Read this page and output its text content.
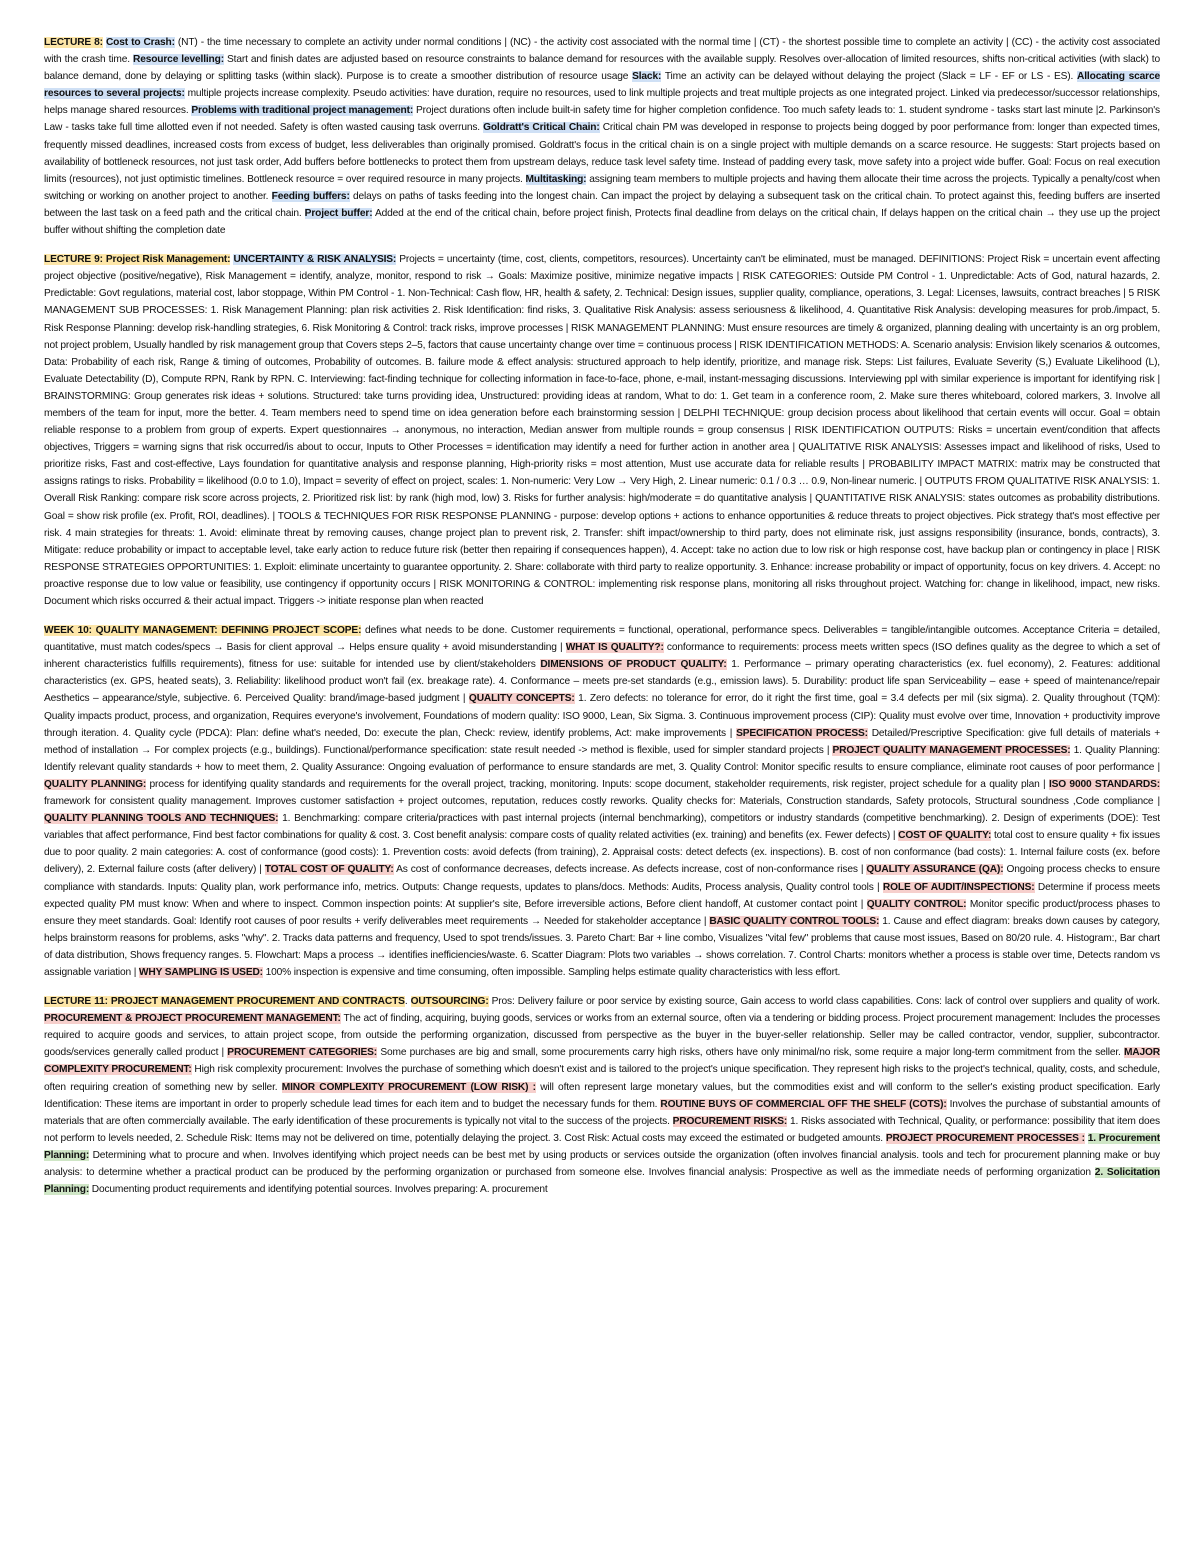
LECTURE 8: Cost to Crash: (NT) - the time necessary to complete an activity under normal conditions | (NC) - the activity cost associated with the normal time | (CT) - the shortest possible time to complete an activity | (CC) - the activity cost associated with the crash time. Resource levelling: Start and finish dates are adjusted based on resource constraints to balance demand for resources with the available supply. Resolves over-allocation of limited resources, shifts non-critical activities (with slack) to balance demand, done by delaying or splitting tasks (within slack). Purpose is to create a smoother distribution of resource usage Slack: Time an activity can be delayed without delaying the project (Slack = LF - EF or LS - ES). Allocating scarce resources to several projects: multiple projects increase complexity. Pseudo activities: have duration, require no resources, used to link multiple projects and treat multiple projects as one integrated project. Linked via predecessor/successor relationships, helps manage shared resources. Problems with traditional project management: Project durations often include built-in safety time for higher completion confidence. Too much safety leads to: 1. student syndrome - tasks start last minute |2. Parkinson's Law - tasks take full time allotted even if not needed. Safety is often wasted causing task overruns. Goldratt's Critical Chain: Critical chain PM was developed in response to projects being dogged by poor performance from: longer than expected times, frequently missed deadlines, increased costs from excess of budget, less deliverables than originally promised. Goldratt's focus in the critical chain is on a single project with multiple demands on a scarce resource. He suggests: Start projects based on availability of bottleneck resources, not just task order, Add buffers before bottlenecks to protect them from upstream delays, reduce task level safety time. Instead of padding every task, move safety into a project wide buffer. Goal: Focus on real execution limits (resources), not just optimistic timelines. Bottleneck resource = over required resource in many projects. Multitasking: assigning team members to multiple projects and having them allocate their time across the projects. Typically a penalty/cost when switching or working on another project to another. Feeding buffers: delays on paths of tasks feeding into the longest chain. Can impact the project by delaying a subsequent task on the critical chain. To protect against this, feeding buffers are inserted between the last task on a feed path and the critical chain. Project buffer: Added at the end of the critical chain, before project finish, Protects final deadline from delays on the critical chain, If delays happen on the critical chain → they use up the project buffer without shifting the completion date

LECTURE 9: Project Risk Management: UNCERTAINTY & RISK ANALYSIS: Projects = uncertainty (time, cost, clients, competitors, resources). Uncertainty can't be eliminated, must be managed. DEFINITIONS: Project Risk = uncertain event affecting project objective (positive/negative), Risk Management = identify, analyze, monitor, respond to risk → Goals: Maximize positive, minimize negative impacts | RISK CATEGORIES: Outside PM Control - 1. Unpredictable: Acts of God, natural hazards, 2. Predictable: Govt regulations, material cost, labor stoppage, Within PM Control - 1. Non-Technical: Cash flow, HR, health & safety, 2. Technical: Design issues, supplier quality, compliance, operations, 3. Legal: Licenses, lawsuits, contract breaches | 5 RISK MANAGEMENT SUB PROCESSES: 1. Risk Management Planning: plan risk activities 2. Risk Identification: find risks, 3. Qualitative Risk Analysis: assess seriousness & likelihood, 4. Quantitative Risk Analysis: developing measures for prob./impact, 5. Risk Response Planning: develop risk-handling strategies, 6. Risk Monitoring & Control: track risks, improve processes | RISK MANAGEMENT PLANNING: Must ensure resources are timely & organized, planning dealing with uncertainty is an org problem, not project problem, Usually handled by risk management group that Covers steps 2–5, factors that cause uncertainty change over time = continuous process | RISK IDENTIFICATION METHODS: A. Scenario analysis: Envision likely scenarios & outcomes, Data: Probability of each risk, Range & timing of outcomes, Probability of outcomes. B. failure mode & effect analysis: structured approach to help identify, prioritize, and manage risk. Steps: List failures, Evaluate Severity (S,) Evaluate Likelihood (L), Evaluate Detectability (D), Compute RPN, Rank by RPN. C. Interviewing: fact-finding technique for collecting information in face-to-face, phone, e-mail, instant-messaging discussions. Interviewing ppl with similar experience is important for identifying risk | BRAINSTORMING: Group generates risk ideas + solutions. Structured: take turns providing idea, Unstructured: providing ideas at random, What to do: 1. Get team in a conference room, 2. Make sure theres whiteboard, colored markers, 3. Involve all members of the team for input, more the better. 4. Team members need to spend time on idea generation before each brainstorming session | DELPHI TECHNIQUE: group decision process about likelihood that certain events will occur. Goal = obtain reliable response to a problem from group of experts. Expert questionnaires → anonymous, no interaction, Median answer from multiple rounds = group consensus | RISK IDENTIFICATION OUTPUTS: Risks = uncertain event/condition that affects objectives, Triggers = warning signs that risk occurred/is about to occur, Inputs to Other Processes = identification may identify a need for further action in another area | QUALITATIVE RISK ANALYSIS: Assesses impact and likelihood of risks, Used to prioritize risks, Fast and cost-effective, Lays foundation for quantitative analysis and response planning, High-priority risks = most attention, Must use accurate data for reliable results | PROBABILITY IMPACT MATRIX: matrix may be constructed that assigns ratings to risks. Probability = likelihood (0.0 to 1.0), Impact = severity of effect on project, scales: 1. Non-numeric: Very Low → Very High, 2. Linear numeric: 0.1 / 0.3 … 0.9, Non-linear numeric. | OUTPUTS FROM QUALITATIVE RISK ANALYSIS: 1. Overall Risk Ranking: compare risk score across projects, 2. Prioritized risk list: by rank (high mod, low) 3. Risks for further analysis: high/moderate = do quantitative analysis | QUANTITATIVE RISK ANALYSIS: states outcomes as probability distributions. Goal = show risk profile (ex. Profit, ROI, deadlines). | TOOLS & TECHNIQUES FOR RISK RESPONSE PLANNING - purpose: develop options + actions to enhance opportunities & reduce threats to project objectives. Pick strategy that's most effective per risk. 4 main strategies for threats: 1. Avoid: eliminate threat by removing causes, change project plan to prevent risk, 2. Transfer: shift impact/ownership to third party, does not eliminate risk, just assigns responsibility (insurance, bonds, contracts), 3. Mitigate: reduce probability or impact to acceptable level, take early action to reduce future risk (better then repairing if consequences happen), 4. Accept: take no action due to low risk or high response cost, have backup plan or contingency in place | RISK RESPONSE STRATEGIES OPPORTUNITIES: 1. Exploit: eliminate uncertainty to guarantee opportunity. 2. Share: collaborate with third party to realize opportunity. 3. Enhance: increase probability or impact of opportunity, focus on key drivers. 4. Accept: no proactive response due to low value or feasibility, use contingency if opportunity occurs | RISK MONITORING & CONTROL: implementing risk response plans, monitoring all risks throughout project. Watching for: change in likelihood, impact, new risks. Document which risks occurred & their actual impact. Triggers -> initiate response plan when reacted

WEEK 10: QUALITY MANAGEMENT: DEFINING PROJECT SCOPE: defines what needs to be done. Customer requirements = functional, operational, performance specs. Deliverables = tangible/intangible outcomes. Acceptance Criteria = detailed, quantitative, must match codes/specs → Basis for client approval → Helps ensure quality + avoid misunderstanding | WHAT IS QUALITY?: conformance to requirements: process meets written specs (ISO defines quality as the degree to which a set of inherent characteristics fulfills requirements), fitness for use: suitable for intended use by client/stakeholders DIMENSIONS OF PRODUCT QUALITY: 1. Performance – primary operating characteristics (ex. fuel economy), 2. Features: additional characteristics (ex. GPS, heated seats), 3. Reliability: likelihood product won't fail (ex. breakage rate). 4. Conformance – meets pre-set standards (e.g., emission laws). 5. Durability: product life span Serviceability – ease + speed of maintenance/repair Aesthetics – appearance/style, subjective. 6. Perceived Quality: brand/image-based judgment | QUALITY CONCEPTS: 1. Zero defects: no tolerance for error, do it right the first time, goal = 3.4 defects per mil (six sigma). 2. Quality throughout (TQM): Quality impacts product, process, and organization, Requires everyone's involvement, Foundations of modern quality: ISO 9000, Lean, Six Sigma. 3. Continuous improvement process (CIP): Quality must evolve over time, Innovation + productivity improve through iteration. 4. Quality cycle (PDCA): Plan: define what's needed, Do: execute the plan, Check: review, identify problems, Act: make improvements | SPECIFICATION PROCESS: Detailed/Prescriptive Specification: give full details of materials + method of installation → For complex projects (e.g., buildings). Functional/performance specification: state result needed -> method is flexible, used for simpler standard projects | PROJECT QUALITY MANAGEMENT PROCESSES: 1. Quality Planning: Identify relevant quality standards + how to meet them, 2. Quality Assurance: Ongoing evaluation of performance to ensure standards are met, 3. Quality Control: Monitor specific results to ensure compliance, eliminate root causes of poor performance | QUALITY PLANNING: process for identifying quality standards and requirements for the overall project, tracking, monitoring. Inputs: scope document, stakeholder requirements, risk register, project schedule for a quality plan | ISO 9000 STANDARDS: framework for consistent quality management. Improves customer satisfaction + project outcomes, reputation, reduces costly reworks. Quality checks for: Materials, Construction standards, Safety protocols, Structural soundness ,Code compliance | QUALITY PLANNING TOOLS AND TECHNIQUES: 1. Benchmarking: compare criteria/practices with past internal projects (internal benchmarking), competitors or industry standards (competitive benchmarking). 2. Design of experiments (DOE): Test variables that affect performance, Find best factor combinations for quality & cost. 3. Cost benefit analysis: compare costs of quality related activities (ex. training) and benefits (ex. Fewer defects) | COST OF QUALITY: total cost to ensure quality + fix issues due to poor quality. 2 main categories: A. cost of conformance (good costs): 1. Prevention costs: avoid defects (from training), 2. Appraisal costs: detect defects (ex. inspections). B. cost of non conformance (bad costs): 1. Internal failure costs (ex. before delivery), 2. External failure costs (after delivery) | TOTAL COST OF QUALITY: As cost of conformance decreases, defects increase. As defects increase, cost of non-conformance rises | QUALITY ASSURANCE (QA): Ongoing process checks to ensure compliance with standards. Inputs: Quality plan, work performance info, metrics. Outputs: Change requests, updates to plans/docs. Methods: Audits, Process analysis, Quality control tools | ROLE OF AUDIT/INSPECTIONS: Determine if process meets expected quality PM must know: When and where to inspect. Common inspection points: At supplier's site, Before irreversible actions, Before client handoff, At customer contact point | QUALITY CONTROL: Monitor specific product/process phases to ensure they meet standards. Goal: Identify root causes of poor results + verify deliverables meet requirements → Needed for stakeholder acceptance | BASIC QUALITY CONTROL TOOLS: 1. Cause and effect diagram: breaks down causes by category, helps brainstorm reasons for problems, asks "why". 2. Tracks data patterns and frequency, Used to spot trends/issues. 3. Pareto Chart: Bar + line combo, Visualizes "vital few" problems that cause most issues, Based on 80/20 rule. 4. Histogram:, Bar chart of data distribution, Shows frequency ranges. 5. Flowchart: Maps a process → identifies inefficiencies/waste. 6. Scatter Diagram: Plots two variables → shows correlation. 7. Control Charts: monitors whether a process is stable over time, Detects random vs assignable variation | WHY SAMPLING IS USED: 100% inspection is expensive and time consuming, often impossible. Sampling helps estimate quality characteristics with less effort.

LECTURE 11: PROJECT MANAGEMENT PROCUREMENT AND CONTRACTS. OUTSOURCING: Pros: Delivery failure or poor service by existing source, Gain access to world class capabilities. Cons: lack of control over suppliers and quality of work. PROCUREMENT & PROJECT PROCUREMENT MANAGEMENT: The act of finding, acquiring, buying goods, services or works from an external source, often via a tendering or bidding process. Project procurement management: Includes the processes required to acquire goods and services, to attain project scope, from outside the performing organization, discussed from perspective as the buyer in the buyer-seller relationship. Seller may be called contractor, vendor, supplier, subcontractor. goods/services generally called product | PROCUREMENT CATEGORIES: Some purchases are big and small, some procurements carry high risks, others have only minimal/no risk, some require a major long-term commitment from the seller. MAJOR COMPLEXITY PROCUREMENT: High risk complexity procurement: Involves the purchase of something which doesn't exist and is tailored to the project's unique specification. They represent high risks to the project's technical, quality, costs, and schedule, often requiring creation of something new by seller. MINOR COMPLEXITY PROCUREMENT (LOW RISK) : will often represent large monetary values, but the commodities exist and will conform to the seller's existing product specification. Early Identification: These items are important in order to properly schedule lead times for each item and to budget the necessary funds for them. ROUTINE BUYS OF COMMERCIAL OFF THE SHELF (COTS): Involves the purchase of substantial amounts of materials that are often commercially available. The early identification of these procurements is typically not vital to the success of the projects. PROCUREMENT RISKS: 1. Risks associated with Technical, Quality, or performance: possibility that item does not perform to levels needed, 2. Schedule Risk: Items may not be delivered on time, potentially delaying the project. 3. Cost Risk: Actual costs may exceed the estimated or budgeted amounts. PROJECT PROCUREMENT PROCESSES : 1. Procurement Planning: Determining what to procure and when. Involves identifying which project needs can be best met by using products or services outside the organization (often involves financial analysis. tools and tech for procurement planning make or buy analysis: to determine whether a practical product can be produced by the performing organization or purchased from someone else. Involves financial analysis: Prospective as well as the immediate needs of performing organization 2. Solicitation Planning: Documenting product requirements and identifying potential sources. Involves preparing: A. procurement
